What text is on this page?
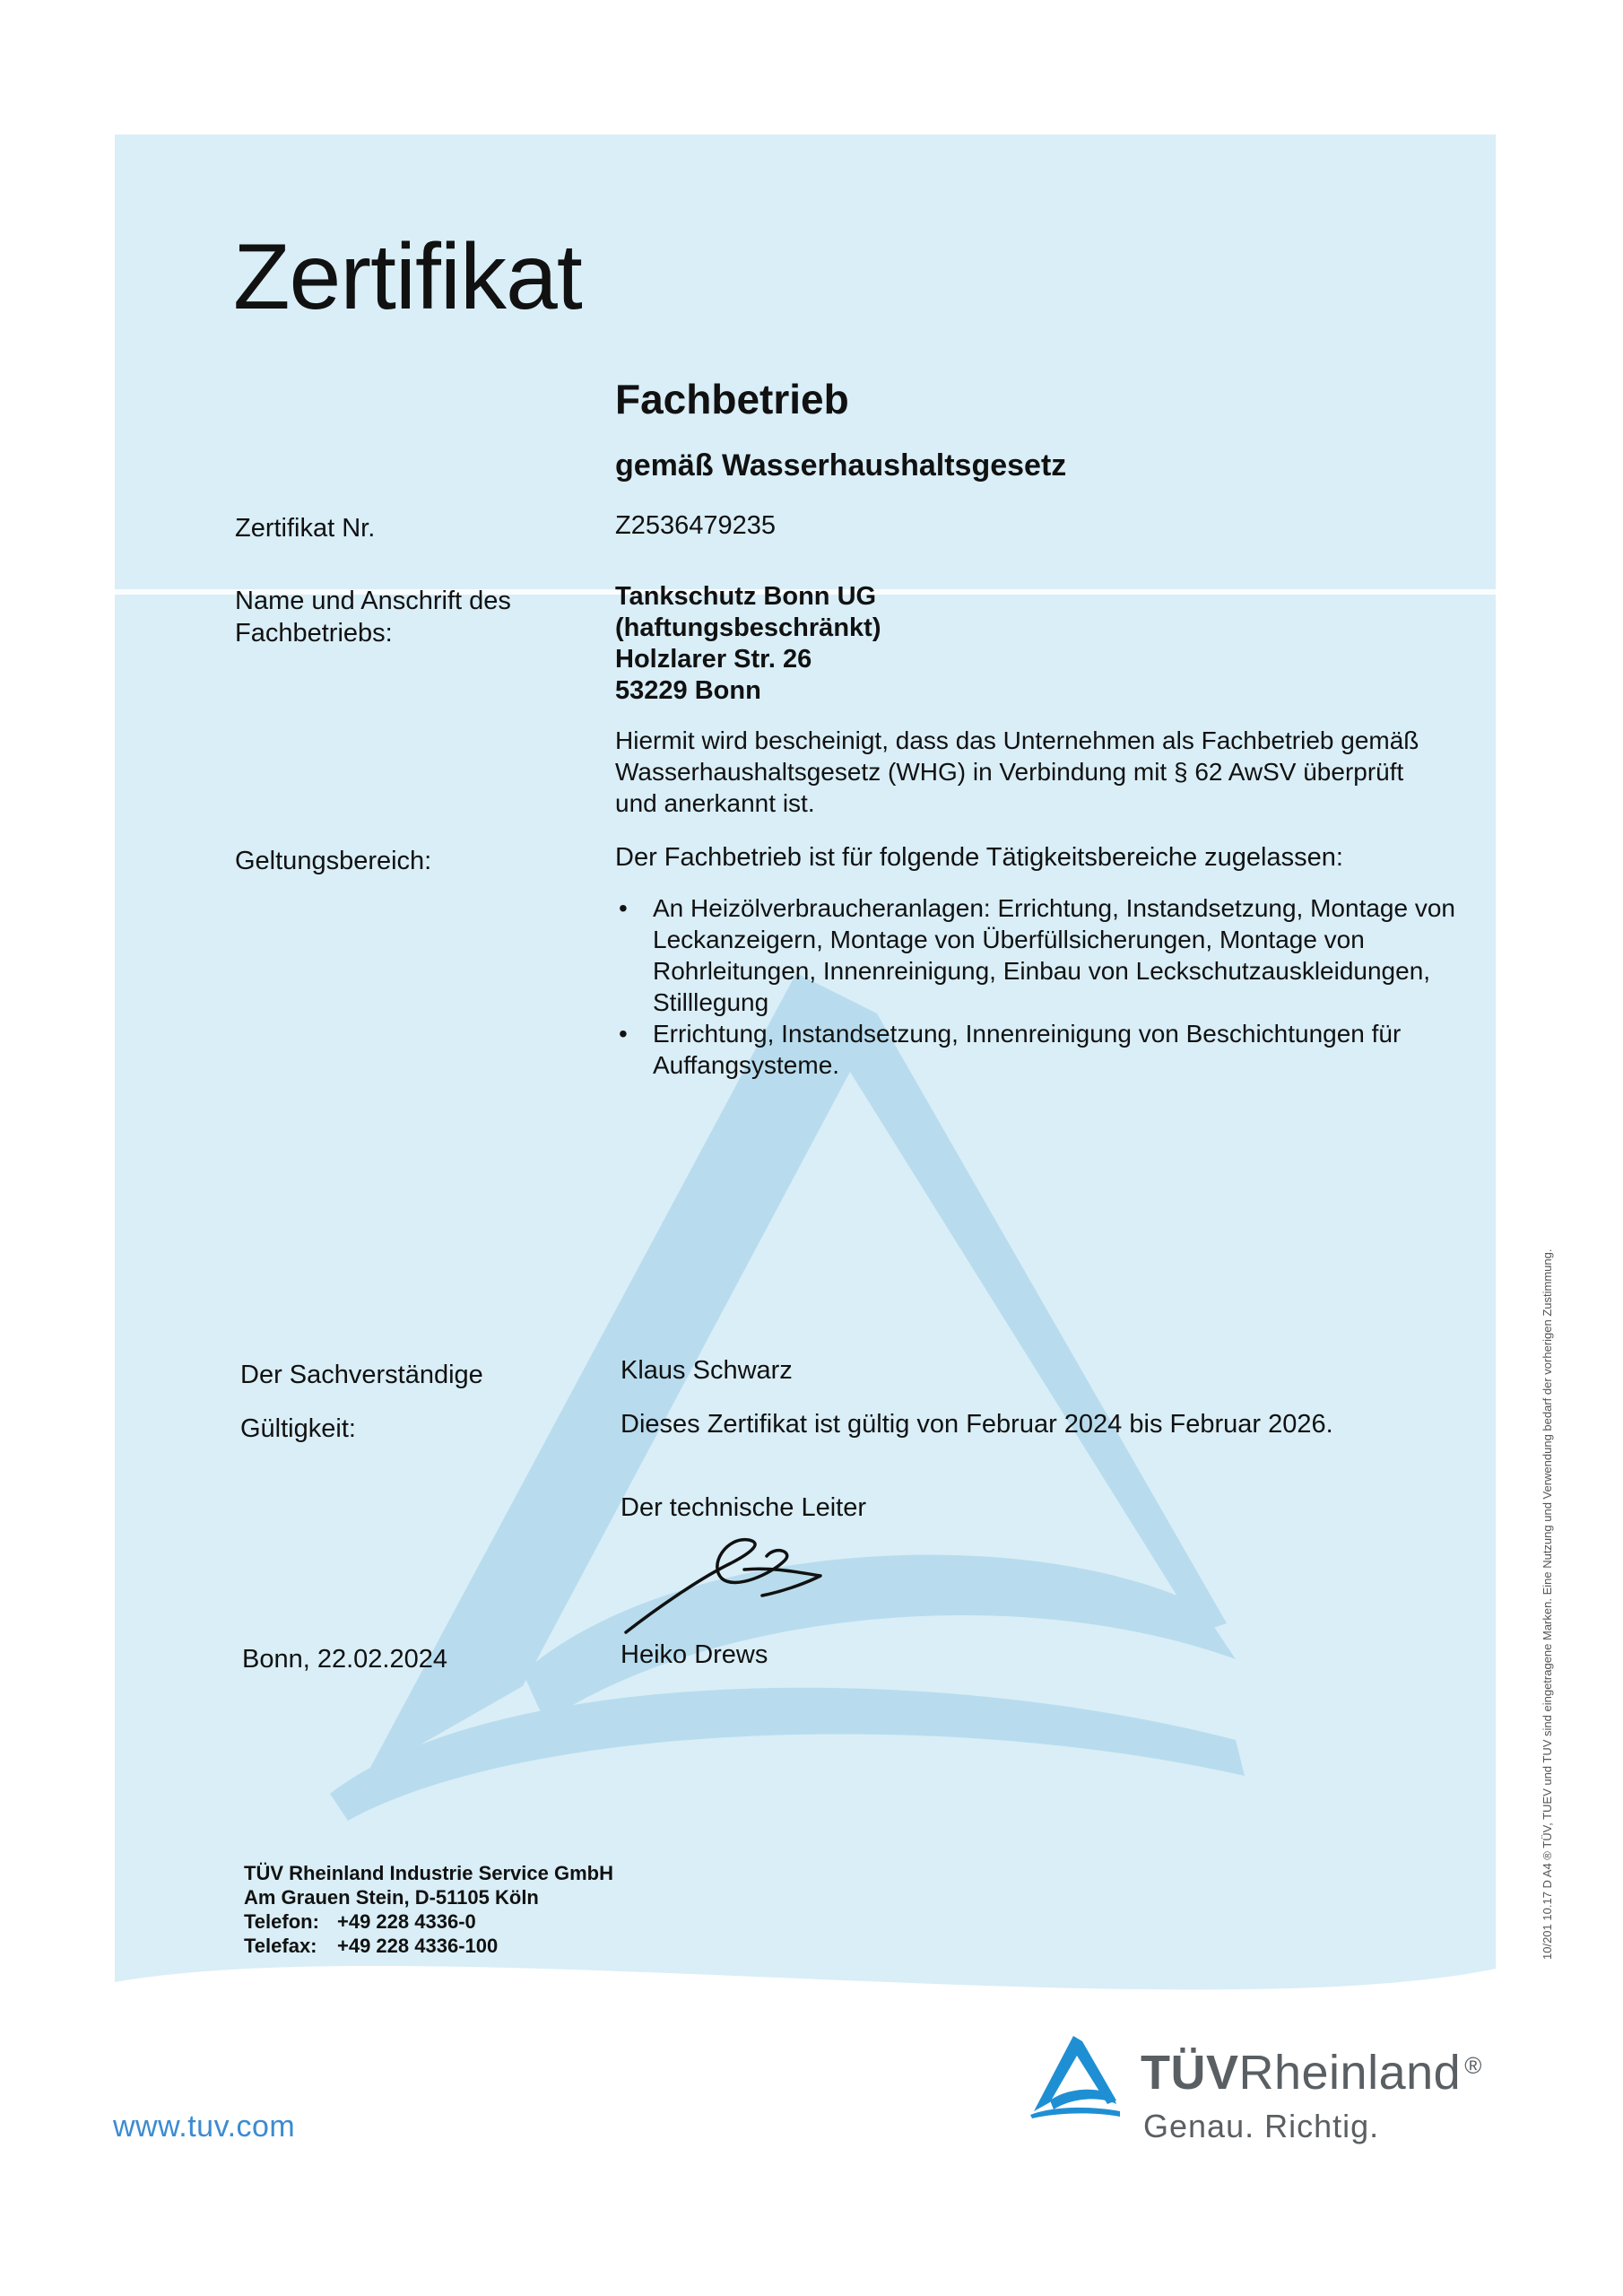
Zertifikat
Fachbetrieb
gemäß Wasserhaushaltsgesetz
Zertifikat Nr.	Z2536479235
Name und Anschrift des
Fachbetriebs:
Tankschutz Bonn UG
(haftungsbeschränkt)
Holzlarer Str. 26
53229 Bonn
Hiermit wird bescheinigt, dass das Unternehmen als Fachbetrieb gemäß Wasserhaushaltsgesetz (WHG) in Verbindung mit § 62 AwSV überprüft und anerkannt ist.
Geltungsbereich:	Der Fachbetrieb ist für folgende Tätigkeitsbereiche zugelassen:
• An Heizölverbraucheranlagen: Errichtung, Instandsetzung, Montage von Leckanzeigern, Montage von Überfüllsicherungen, Montage von Rohrleitungen, Innenreinigung, Einbau von Leckschutzauskleidungen, Stilllegung
• Errichtung, Instandsetzung, Innenreinigung von Beschichtungen für Auffangsysteme.
Der Sachverständige	Klaus Schwarz
Gültigkeit:	Dieses Zertifikat ist gültig von Februar 2024 bis Februar 2026.
Der technische Leiter
Heiko Drews
Bonn, 22.02.2024
TÜV Rheinland Industrie Service GmbH
Am Grauen Stein, D-51105 Köln
Telefon: +49 228 4336-0
Telefax: +49 228 4336-100
www.tuv.com
TÜVRheinland ®
Genau. Richtig.
10/201 10.17 D A4 ® TÜV, TUEV und TUV sind eingetragene Marken. Eine Nutzung und Verwendung bedarf der vorherigen Zustimmung.
